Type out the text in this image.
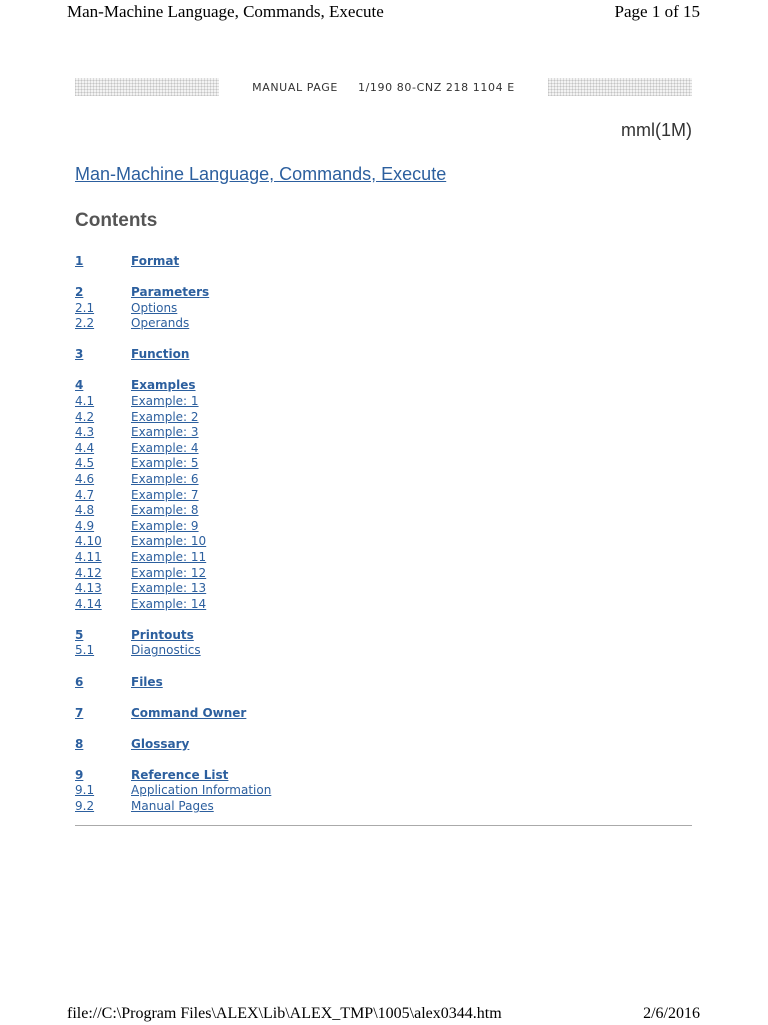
Man-Machine Language, Commands, Execute	Page 1 of 15
MANUAL PAGE 1/190 80-CNZ 218 1104 E
mml(1M)
Man-Machine Language, Commands, Execute
Contents
1	Format
2	Parameters
2.1	Options
2.2	Operands
3	Function
4	Examples
4.1	Example: 1
4.2	Example: 2
4.3	Example: 3
4.4	Example: 4
4.5	Example: 5
4.6	Example: 6
4.7	Example: 7
4.8	Example: 8
4.9	Example: 9
4.10	Example: 10
4.11	Example: 11
4.12	Example: 12
4.13	Example: 13
4.14	Example: 14
5	Printouts
5.1	Diagnostics
6	Files
7	Command Owner
8	Glossary
9	Reference List
9.1	Application Information
9.2	Manual Pages
file://C:\Program Files\ALEX\Lib\ALEX_TMP\1005\alex0344.htm	2/6/2016
